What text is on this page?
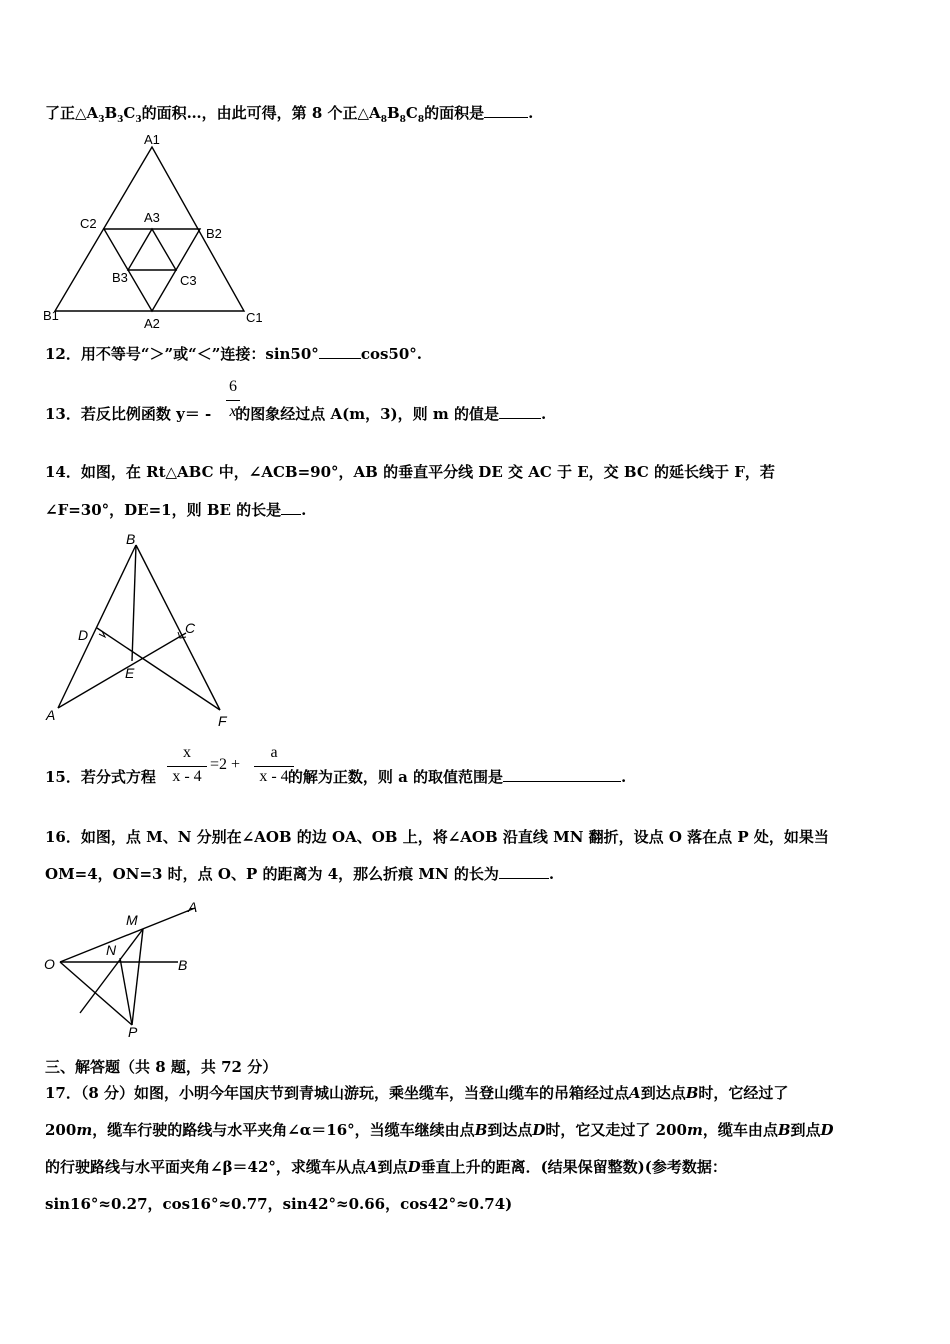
了正$\triangle A_3B_3C_3$的面积…，由此可得，第 8 个正$\triangle A_8B_8C_8$的面积是	.
A1
C2	A3
B2
B3	C3
B1
A2	C1
12．用不等号“＞”或“＜”连接：sin50°	cos50°.
13．若反比例函数 y＝ - 的图象经过点 A(m，3)，则 m 的值是	.
6
x
14．如图，在 Rt△ABC 中，∠ACB=90°，AB 的垂直平分线 DE 交 AC 于 E，交 BC 的延长线于 F，若
∠F=30°，DE=1，则 BE 的长是 .
B
D	C
E
A	F
15．若分式方程	的解为正数，则 a 的取值范围是	.
x
x - 4
=2 +
a
x - 4
16．如图，点 M、N 分别在∠AOB 的边 OA、OB 上，将∠AOB 沿直线 MN 翻折，设点 O 落在点 P 处，如果当
OM=4，ON=3 时，点 O、P 的距离为 4，那么折痕 MN 的长为	.
M
A
N
O	B
P
三、解答题（共 8 题，共 72 分）
17．（8 分）如图，小明今年国庆节到青城山游玩，乘坐缆车，当登山缆车的吊箱经过点A到达点B时，它经过了
200m，缆车行驶的路线与水平夹角∠α＝16°，当缆车继续由点B到达点D时，它又走过了 200m，缆车由点B到点D
的行驶路线与水平面夹角∠β＝42°，求缆车从点A到点D垂直上升的距离．(结果保留整数)(参考数据：
sin16°≈0.27，cos16°≈0.77，sin42°≈0.66，cos42°≈0.74)
